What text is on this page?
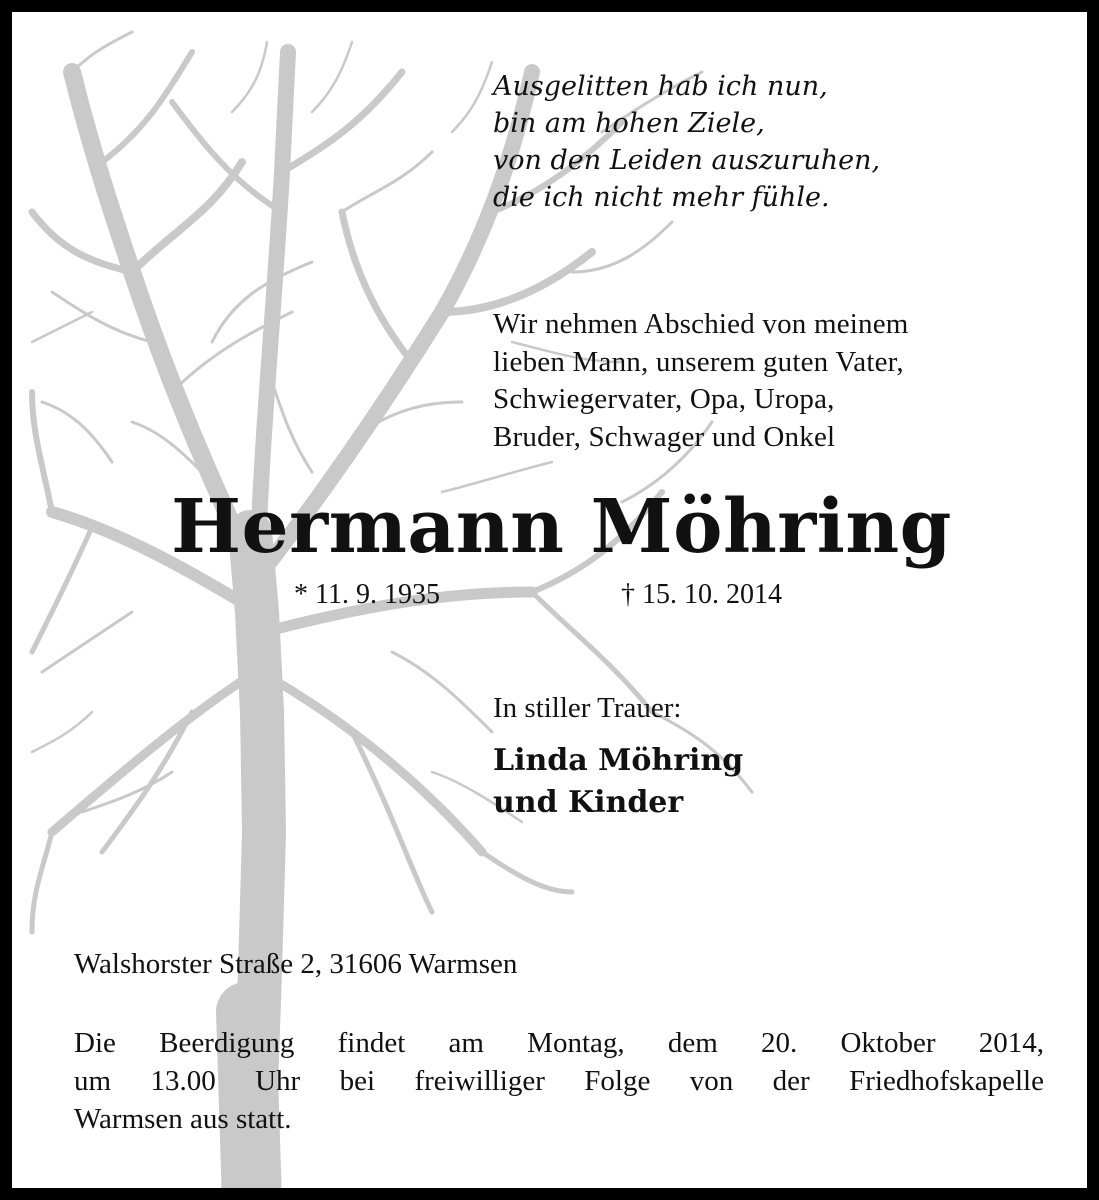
Ausgelitten hab ich nun,
bin am hohen Ziele,
von den Leiden auszuruhen,
die ich nicht mehr fühle.
Wir nehmen Abschied von meinem
lieben Mann, unserem guten Vater,
Schwiegervater, Opa, Uropa,
Bruder, Schwager und Onkel
Hermann Möhring
* 11. 9. 1935	† 15. 10. 2014
In stiller Trauer:
Linda Möhring
und Kinder
Walshorster Straße 2, 31606 Warmsen
Die Beerdigung findet am Montag, dem 20. Oktober 2014,
um 13.00 Uhr bei freiwilliger Folge von der Friedhofskapelle
Warmsen aus statt.
